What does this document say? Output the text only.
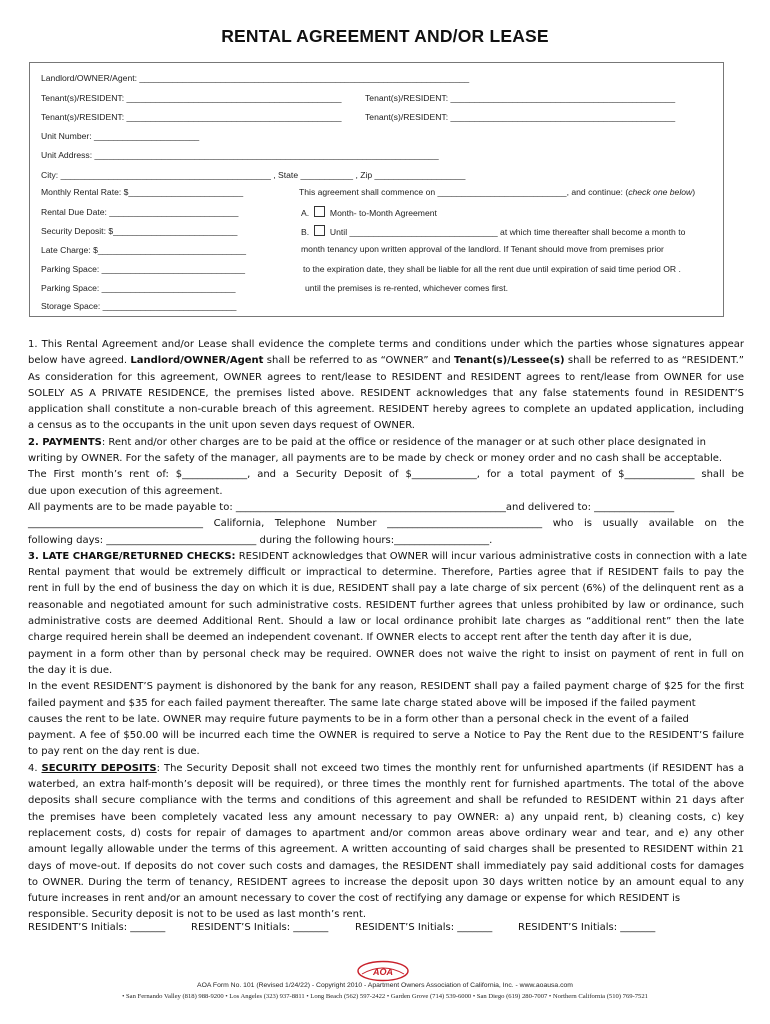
RENTAL AGREEMENT AND/OR LEASE
Landlord/OWNER/Agent: _____________________________________________________________________
Tenant(s)/RESIDENT: _____________________________________________	Tenant(s)/RESIDENT: _______________________________________________
Tenant(s)/RESIDENT: _____________________________________________	Tenant(s)/RESIDENT: _______________________________________________
Unit Number: ______________________
Unit Address: ________________________________________________________________________
City: ____________________________________________ , State ___________ , Zip ___________________
Monthly Rental Rate: $________________________
Rental Due Date: ___________________________
Security Deposit: $__________________________
Late Charge: $_______________________________
Parking Space: ______________________________
Parking Space: ____________________________
Storage Space: ____________________________
This agreement shall commence on ___________________________, and continue: (check one below)
A. Month- to-Month Agreement
B. Until _______________________________ at which time thereafter shall become a month to
month tenancy upon written approval of the landlord. If Tenant should move from premises prior
to the expiration date, they shall be liable for all the rent due until expiration of said time period OR .
until the premises is re-rented, whichever comes first.
1. This Rental Agreement and/or Lease shall evidence the complete terms and conditions under which the parties whose signatures appear
below have agreed. Landlord/OWNER/Agent shall be referred to as “OWNER” and Tenant(s)/Lessee(s) shall be referred to as “RESIDENT.”
As consideration for this agreement, OWNER agrees to rent/lease to RESIDENT and RESIDENT agrees to rent/lease from OWNER for use
SOLELY AS A PRIVATE RESIDENCE, the premises listed above. RESIDENT acknowledges that any false statements found in RESIDENT’S
application shall constitute a non-curable breach of this agreement. RESIDENT hereby agrees to complete an updated application, including
a census as to the occupants in the unit upon seven days request of OWNER.
2. PAYMENTS: Rent and/or other charges are to be paid at the office or residence of the manager or at such other place designated in
writing by OWNER. For the safety of the manager, all payments are to be made by check or money order and no cash shall be acceptable.
The First month’s rent of: $_____________, and a Security Deposit of $_____________, for a total payment of $______________ shall be
due upon execution of this agreement.
All payments are to be made payable to: ______________________________________________________and delivered to: ________________
___________________________________ California, Telephone Number _______________________________ who is usually available on the
following days: ______________________________ during the following hours:___________________.
3. LATE CHARGE/RETURNED CHECKS: RESIDENT acknowledges that OWNER will incur various administrative costs in connection with a late
Rental payment that would be extremely difficult or impractical to determine. Therefore, Parties agree that if RESIDENT fails to pay the
rent in full by the end of business the day on which it is due, RESIDENT shall pay a late charge of six percent (6%) of the delinquent rent as a
reasonable and negotiated amount for such administrative costs. RESIDENT further agrees that unless prohibited by law or ordinance, such
administrative costs are deemed Additional Rent. Should a law or local ordinance prohibit late charges as “additional rent” then the late
charge required herein shall be deemed an independent covenant. If OWNER elects to accept rent after the tenth day after it is due,
payment in a form other than by personal check may be required. OWNER does not waive the right to insist on payment of rent in full on
the day it is due.
In the event RESIDENT’S payment is dishonored by the bank for any reason, RESIDENT shall pay a failed payment charge of $25 for the first
failed payment and $35 for each failed payment thereafter. The same late charge stated above will be imposed if the failed payment
causes the rent to be late. OWNER may require future payments to be in a form other than a personal check in the event of a failed
payment. A fee of $50.00 will be incurred each time the OWNER is required to serve a Notice to Pay the Rent due to the RESIDENT’S failure
to pay rent on the day rent is due.
4. SECURITY DEPOSITS: The Security Deposit shall not exceed two times the monthly rent for unfurnished apartments (if RESIDENT has a
waterbed, an extra half-month’s deposit will be required), or three times the monthly rent for furnished apartments. The total of the above
deposits shall secure compliance with the terms and conditions of this agreement and shall be refunded to RESIDENT within 21 days after
the premises have been completely vacated less any amount necessary to pay OWNER: a) any unpaid rent, b) cleaning costs, c) key
replacement costs, d) costs for repair of damages to apartment and/or common areas above ordinary wear and tear, and e) any other
amount legally allowable under the terms of this agreement. A written accounting of said charges shall be presented to RESIDENT within 21
days of move-out. If deposits do not cover such costs and damages, the RESIDENT shall immediately pay said additional costs for damages
to OWNER. During the term of tenancy, RESIDENT agrees to increase the deposit upon 30 days written notice by an amount equal to any
future increases in rent and/or an amount necessary to cover the cost of rectifying any damage or expense for which RESIDENT is
responsible. Security deposit is not to be used as last month’s rent.
RESIDENT’S Initials: _______	RESIDENT’S Initials: _______	RESIDENT’S Initials: _______	RESIDENT’S Initials: _______
AOA
AOA Form No. 101 (Revised 1/24/22) - Copyright 2010 - Apartment Owners Association of California, Inc. - www.aoausa.com
• San Fernando Valley (818) 988-9200 • Los Angeles (323) 937-8811 • Long Beach (562) 597-2422 • Garden Grove (714) 539-6000 • San Diego (619) 280-7007 • Northern California (510) 769-7521
